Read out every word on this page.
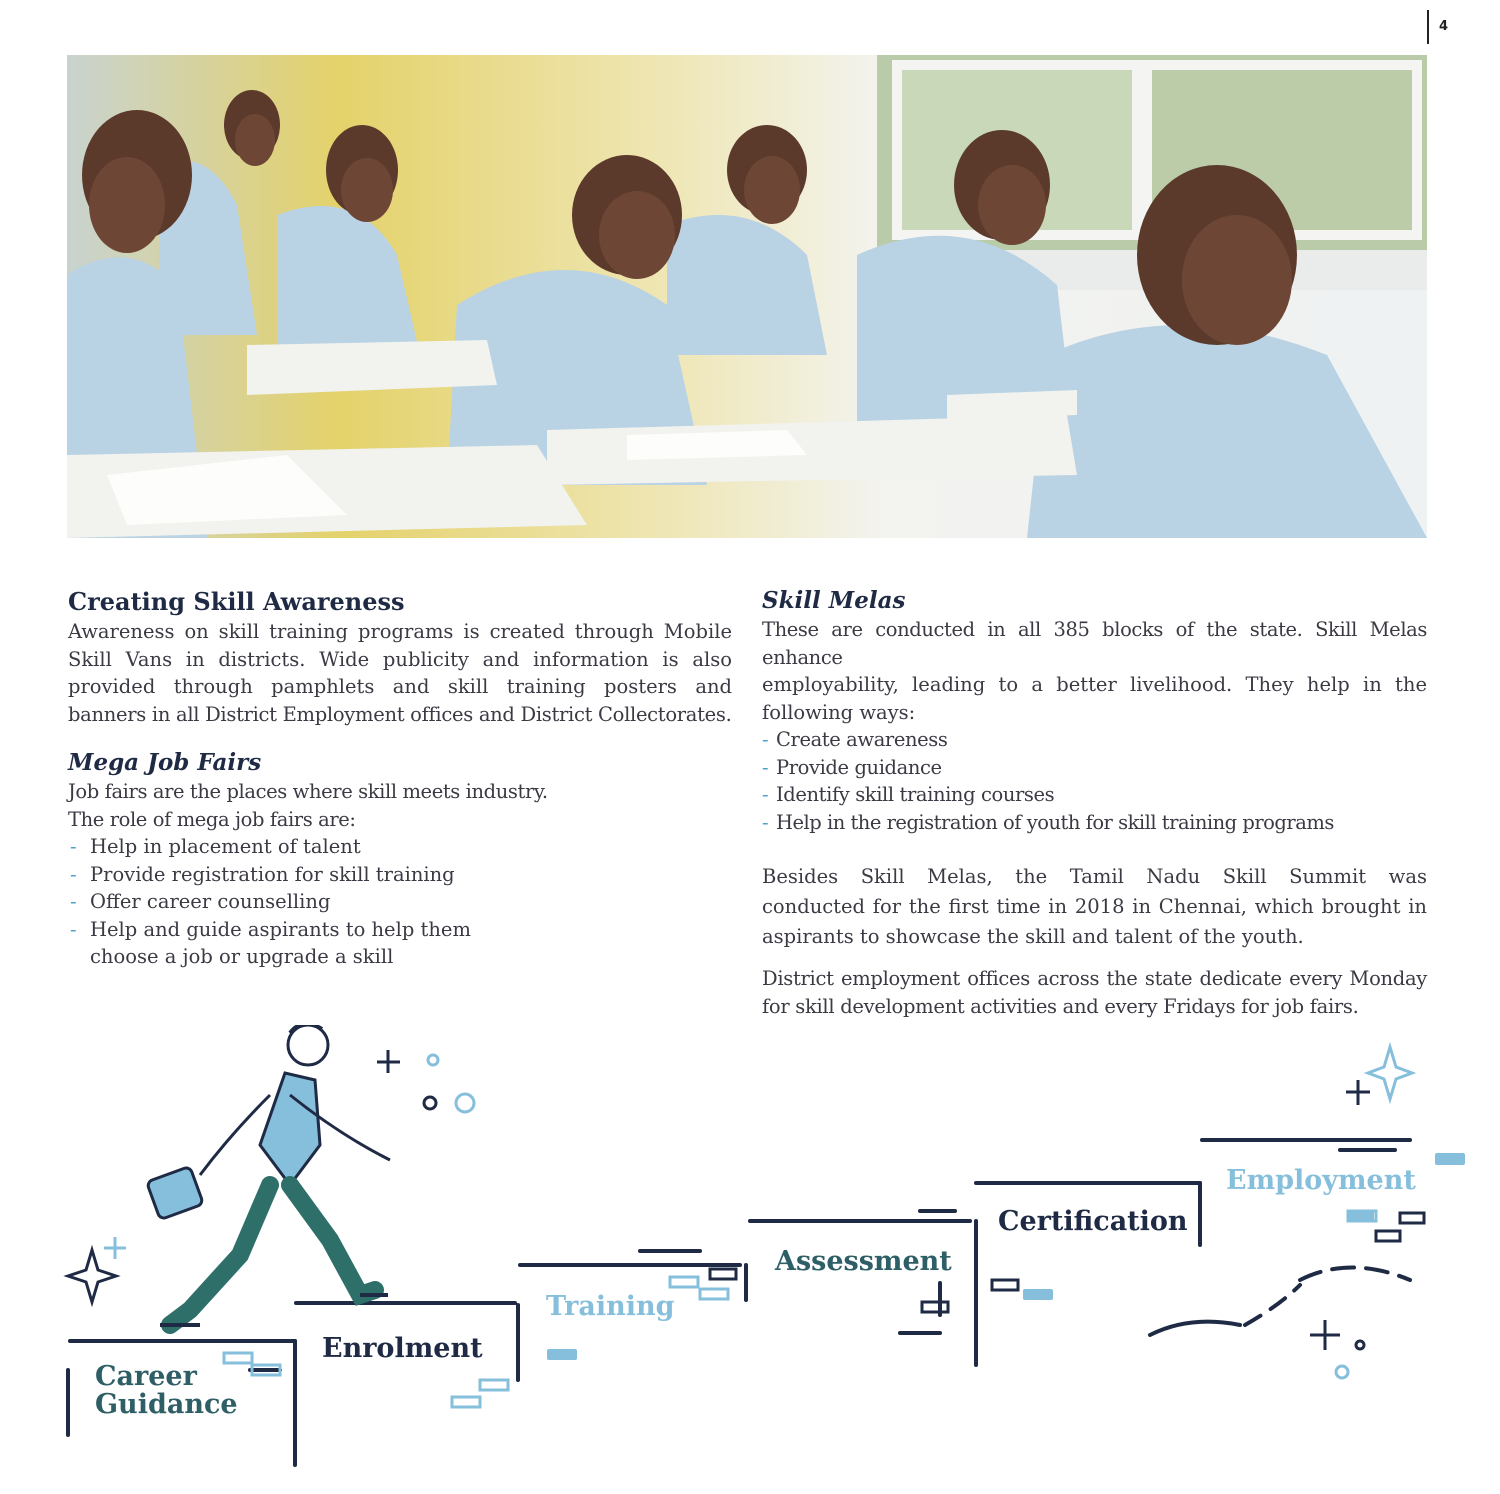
4
Creating Skill Awareness

Awareness on skill training programs is created through Mobile

Skill Vans in districts. Wide publicity and information is also

provided through pamphlets and skill training posters and

banners in all District Employment offices and District Collectorates.

Mega Job Fairs

Job fairs are the places where skill meets industry.

The role of mega job fairs are:

- Help in placement of talent
- Provide registration for skill training
- Offer career counselling
- Help and guide aspirants to help them

choose a job or upgrade a skill

Skill Melas

These are conducted in all 385 blocks of the state. Skill Melas enhance

employability, leading to a better livelihood. They help in the

following ways:

- Create awareness
- Provide guidance
- Identify skill training courses
- Help in the registration of youth for skill training programs

Besides Skill Melas, the Tamil Nadu Skill Summit was

conducted for the first time in 2018 in Chennai, which brought in

aspirants to showcase the skill and talent of the youth.

District employment offices across the state dedicate every Monday

for skill development activities and every Fridays for job fairs.

Career
Guidance
Enrolment
Training
Assessment
Certification
Employment
